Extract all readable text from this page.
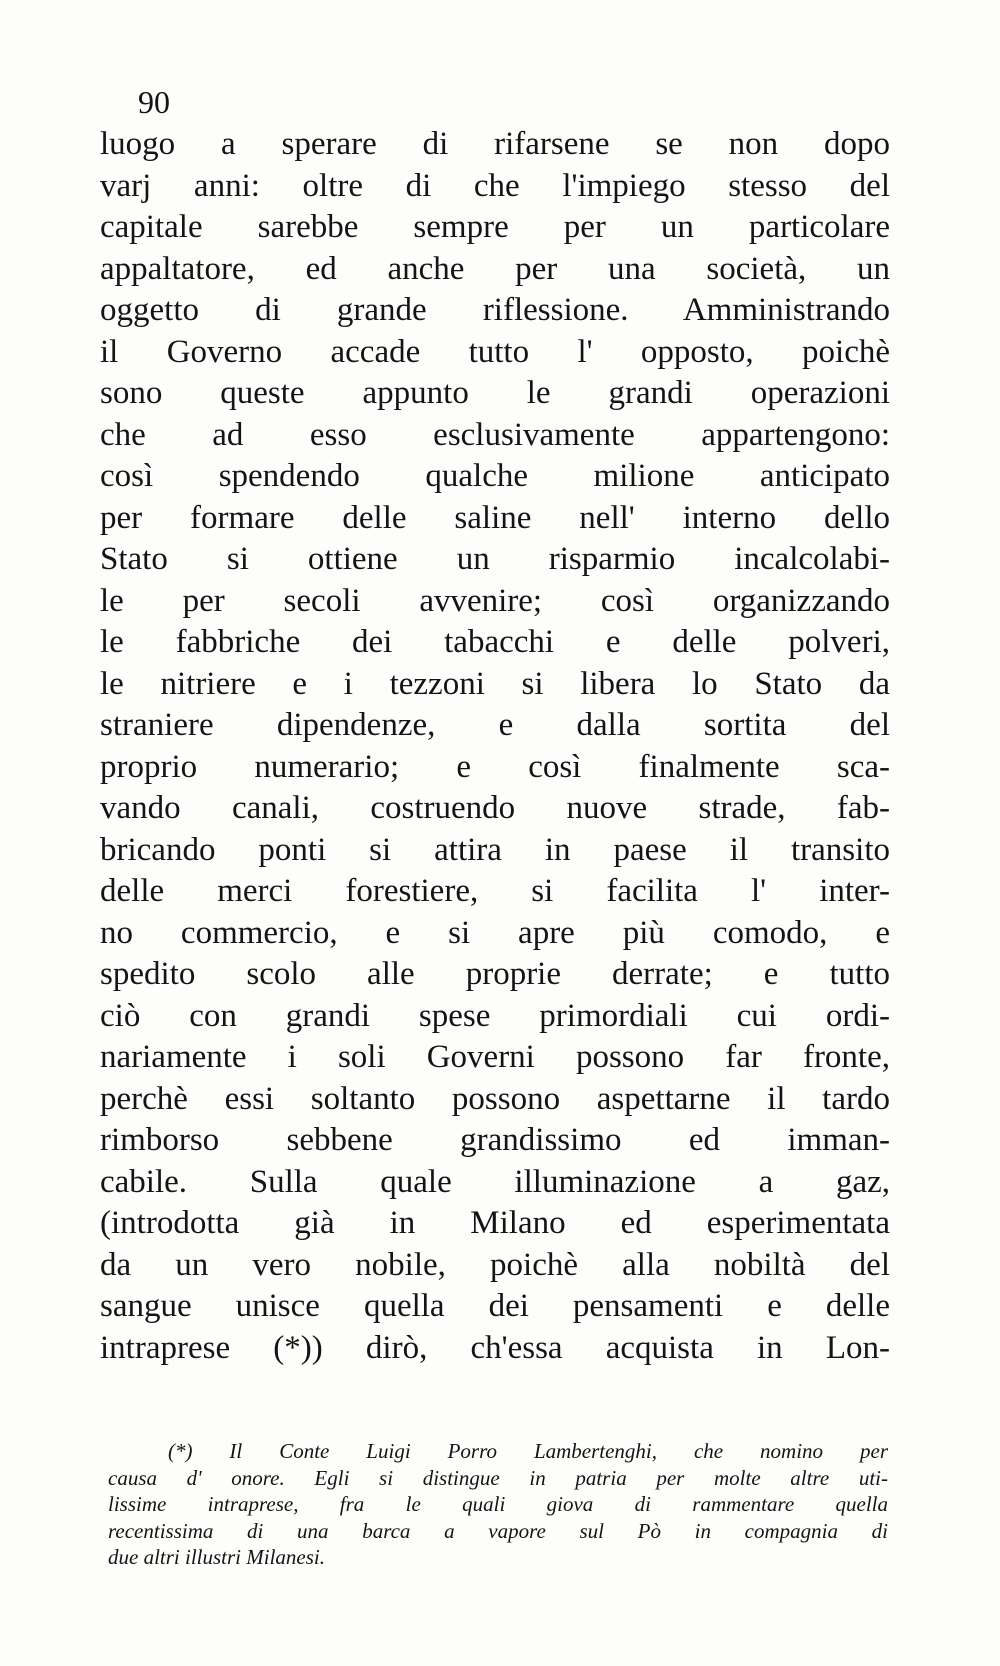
90
luogo a sperare di rifarsene se non dopo
varj anni: oltre di che l'impiego stesso del
capitale sarebbe sempre per un particolare
appaltatore, ed anche per una società, un
oggetto di grande riflessione. Amministrando
il Governo accade tutto l' opposto, poichè
sono queste appunto le grandi operazioni
che ad esso esclusivamente appartengono:
così spendendo qualche milione anticipato
per formare delle saline nell' interno dello
Stato si ottiene un risparmio incalcolabi-
le per secoli avvenire; così organizzando
le fabbriche dei tabacchi e delle polveri,
le nitriere e i tezzoni si libera lo Stato da
straniere dipendenze, e dalla sortita del
proprio numerario; e così finalmente sca-
vando canali, costruendo nuove strade, fab-
bricando ponti si attira in paese il transito
delle merci forestiere, si facilita l' inter-
no commercio, e si apre più comodo, e
spedito scolo alle proprie derrate; e tutto
ciò con grandi spese primordiali cui ordi-
nariamente i soli Governi possono far fronte,
perchè essi soltanto possono aspettarne il tardo
rimborso sebbene grandissimo ed imman-
cabile. Sulla quale illuminazione a gaz,
(introdotta già in Milano ed esperimentata
da un vero nobile, poichè alla nobiltà del
sangue unisce quella dei pensamenti e delle
intraprese (*)) dirò, ch'essa acquista in Lon-
(*) Il Conte Luigi Porro Lambertenghi, che nomino per
causa d' onore. Egli si distingue in patria per molte altre uti-
lissime intraprese, fra le quali giova di rammentare quella
recentissima di una barca a vapore sul Pò in compagnia di
due altri illustri Milanesi.
